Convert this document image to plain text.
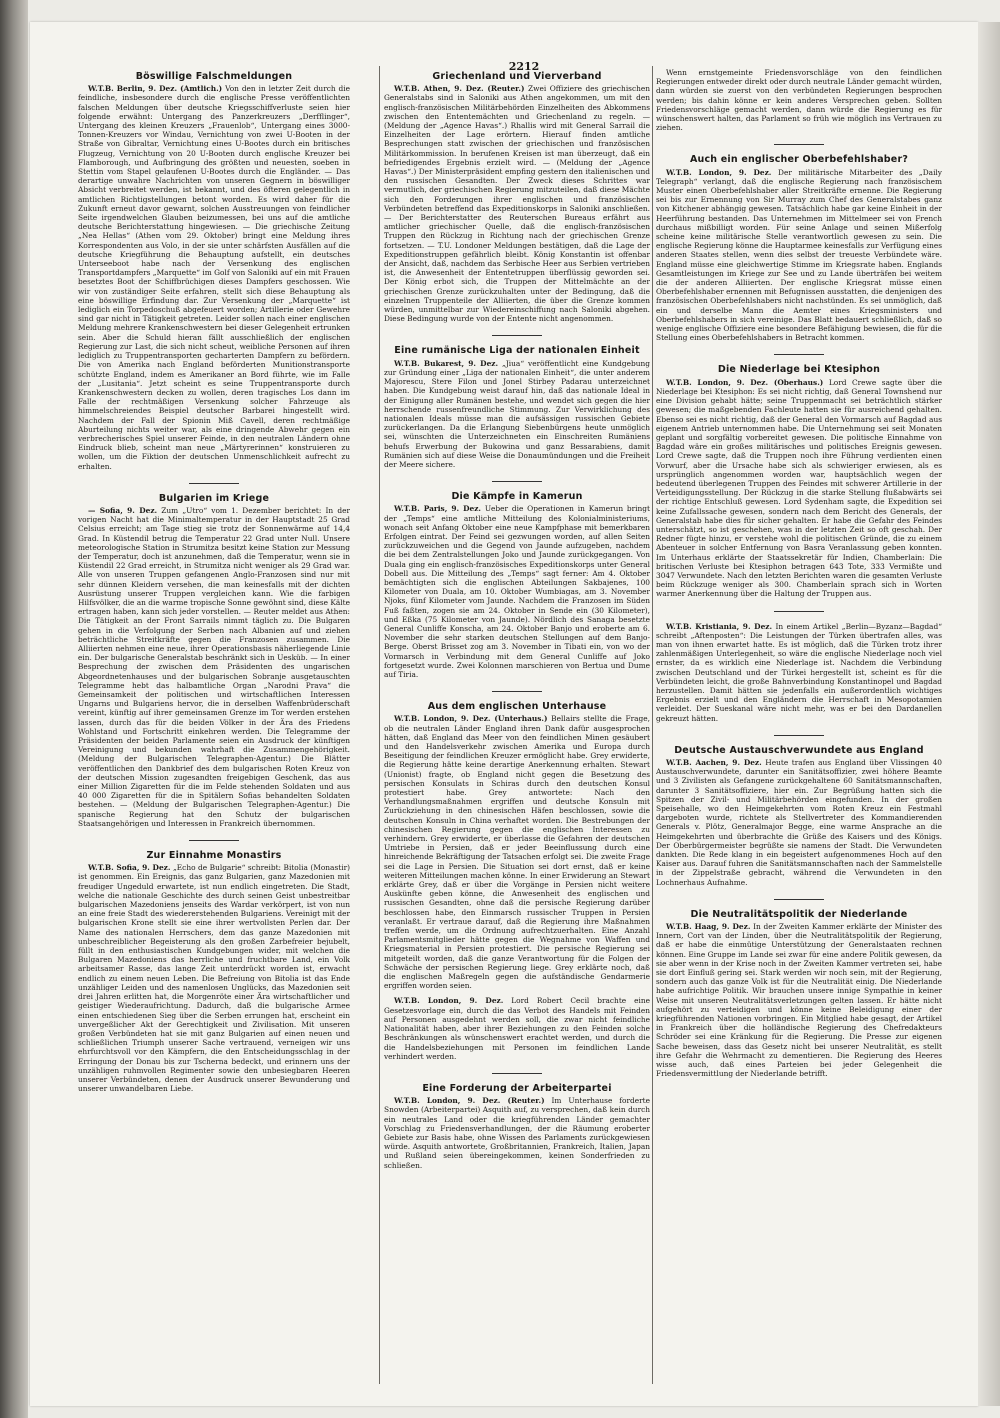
2212
Böswillige Falschmeldungen

W.T.B. Berlin, 9. Dez. (Amtlich.) Von den in letzter Zeit durch die feindliche, insbesondere durch die englische Presse veröffentlichten falschen Meldungen über deutsche Kriegsschiffverluste seien hier folgende erwähnt: Untergang des Panzerkreuzers „Derfflinger“, Untergang des kleinen Kreuzers „Frauenlob“, Untergang eines 3000-Tonnen-Kreuzers vor Windau, Vernichtung von zwei U-Booten in der Straße von Gibraltar, Vernichtung eines U-Bootes durch ein britisches Flugzeug, Vernichtung von 20 U-Booten durch englische Kreuzer bei Flamborough, und Aufbringung des größten und neuesten, soeben in Stettin vom Stapel gelaufenen U-Bootes durch die Engländer. — Das derartige unwahre Nachrichten von unseren Gegnern in böswilliger Absicht verbreitet werden, ist bekannt, und des öfteren gelegentlich in amtlichen Richtigstellungen betont worden. Es wird daher für die Zukunft erneut davor gewarnt, solchen Ausstreuungen von feindlicher Seite irgendwelchen Glauben beizumessen, bei uns auf die amtliche deutsche Berichterstattung hingewiesen. — Die griechische Zeitung „Nea Hellas“ (Athen vom 29. Oktober) bringt eine Meldung ihres Korrespondenten aus Volo, in der sie unter schärfsten Ausfällen auf die deutsche Kriegführung die Behauptung aufstellt, ein deutsches Unterseeboot habe nach der Versenkung des englischen Transportdampfers „Marquette“ im Golf von Saloniki auf ein mit Frauen besetztes Boot der Schiffbrüchigen dieses Dampfers geschossen. Wie wir von zuständiger Seite erfahren, stellt sich diese Behauptung als eine böswillige Erfindung dar. Zur Versenkung der „Marquette“ ist lediglich ein Torpedoschuß abgefeuert worden; Artillerie oder Gewehre sind gar nicht in Tätigkeit getreten. Leider sollen nach einer englischen Meldung mehrere Krankenschwestern bei dieser Gelegenheit ertrunken sein. Aber die Schuld hieran fällt ausschließlich der englischen Regierung zur Last, die sich nicht scheut, weibliche Personen auf ihren lediglich zu Truppentransporten gecharterten Dampfern zu befördern. Die von Amerika nach England beförderten Munitionstransporte schützte England, indem es Amerikaner an Bord führte, wie im Falle der „Lusitania“. Jetzt scheint es seine Truppentransporte durch Krankenschwestern decken zu wollen, deren tragisches Los dann im Falle der rechtmäßigen Versenkung solcher Fahrzeuge als himmelschreiendes Beispiel deutscher Barbarei hingestellt wird. Nachdem der Fall der Spionin Miß Cavell, deren rechtmäßige Aburteilung nichts weiter war, als eine dringende Abwehr gegen ein verbrecherisches Spiel unserer Feinde, in den neutralen Ländern ohne Eindruck blieb, scheint man neue „Märtyrerinnen“ konstruieren zu wollen, um die Fiktion der deutschen Unmenschlichkeit aufrecht zu erhalten.

Bulgarien im Kriege

— Sofia, 9. Dez. Zum „Utro“ vom 1. Dezember berichtet: In der vorigen Nacht hat die Minimaltemperatur in der Hauptstadt 25 Grad Celsius erreicht; am Tage stieg sie trotz der Sonnenwärme auf 14,4 Grad. In Küstendil betrug die Temperatur 22 Grad unter Null. Unsere meteorologische Station in Strumitza besitzt keine Station zur Messung der Temperatur, doch ist anzunehmen, daß die Temperatur, wenn sie in Küstendil 22 Grad erreicht, in Strumitza nicht weniger als 29 Grad war. Alle von unseren Truppen gefangenen Anglo-Franzosen sind nur mit sehr dünnen Kleidern versehen, die man keinesfalls mit der dichten Ausrüstung unserer Truppen vergleichen kann. Wie die farbigen Hilfsvölker, die an die warme tropische Sonne gewöhnt sind, diese Kälte ertragen haben, kann sich jeder vorstellen. — Reuter meldet aus Athen: Die Tätigkeit an der Front Sarrails nimmt täglich zu. Die Bulgaren gehen in die Verfolgung der Serben nach Albanien auf und ziehen beträchtliche Streitkräfte gegen die Franzosen zusammen. Die Alliierten nehmen eine neue, ihrer Operationsbasis näherliegende Linie ein. Der bulgarische Generalstab beschränkt sich in Uesküb. — In einer Besprechung der zwischen dem Präsidenten des ungarischen Abgeordnetenhauses und der bulgarischen Sobranje ausgetauschten Telegramme hebt das halbamtliche Organ „Narodni Prava“ die Gemeinsamkeit der politischen und wirtschaftlichen Interessen Ungarns und Bulgariens hervor, die in derselben Waffenbrüderschaft vereint, künftig auf ihrer gemeinsamen Grenze im Tor werden erstehen lassen, durch das für die beiden Völker in der Ära des Friedens Wohlstand und Fortschritt einkehren werden. Die Telegramme der Präsidenten der beiden Parlamente seien ein Ausdruck der künftigen Vereinigung und bekunden wahrhaft die Zusammengehörigkeit. (Meldung der Bulgarischen Telegraphen-Agentur.) Die Blätter veröffentlichen den Dankbrief des dem bulgarischen Roten Kreuz von der deutschen Mission zugesandten freigebigen Geschenk, das aus einer Million Zigaretten für die im Felde stehenden Soldaten und aus 40 000 Zigaretten für die in Spitälern Sofias behandelten Soldaten bestehen. — (Meldung der Bulgarischen Telegraphen-Agentur.) Die spanische Regierung hat den Schutz der bulgarischen Staatsangehörigen und Interessen in Frankreich übernommen.

Zur Einnahme Monastirs

W.T.B. Sofia, 9. Dez. „Echo de Bulgarie“ schreibt: Bitolia (Monastir) ist genommen. Ein Ereignis, das ganz Bulgarien, ganz Mazedonien mit freudiger Ungeduld erwartete, ist nun endlich eingetreten. Die Stadt, welche die nationale Geschichte des durch seinen Geist unbestreitbar bulgarischen Mazedoniens jenseits des Wardar verkörpert, ist von nun an eine freie Stadt des wiedererstehenden Bulgariens. Vereinigt mit der bulgarischen Krone stellt sie eine ihrer wertvollsten Perlen dar. Der Name des nationalen Herrschers, dem das ganze Mazedonien mit unbeschreiblicher Begeisterung als den großen Zarbefreier bejubelt, füllt in den enthusiastischen Kundgebungen wider, mit welchen die Bulgaren Mazedoniens das herrliche und fruchtbare Land, ein Volk arbeitsamer Rasse, das lange Zeit unterdrückt worden ist, erwacht endlich zu einem neuen Leben. Die Befreiung von Bitolia ist das Ende unzähliger Leiden und des namenlosen Unglücks, das Mazedonien seit drei Jahren erlitten hat, die Morgenröte einer Ära wirtschaftlicher und geistiger Wiederaufrichtung. Dadurch, daß die bulgarische Armee einen entschiedenen Sieg über die Serben errungen hat, erscheint ein unvergeßlicher Akt der Gerechtigkeit und Zivilisation. Mit unseren großen Verbündeten hat sie mit ganz Bulgarien auf einen neuen und schließlichen Triumph unserer Sache vertrauend, verneigen wir uns ehrfurchtsvoll vor den Kämpfern, die den Entscheidungsschlag in der Erringung der Donau bis zur Tscherna bedeckt, und erinnern uns der unzähligen ruhmvollen Regimenter sowie den unbesiegbaren Heeren unserer Verbündeten, denen der Ausdruck unserer Bewunderung und unserer unwandelbaren Liebe.

Griechenland und Vierverband

W.T.B. Athen, 9. Dez. (Reuter.) Zwei Offiziere des griechischen Generalstabs sind in Saloniki aus Athen angekommen, um mit den englisch-französischen Militärbehörden Einzelheiten des Abkommens zwischen den Ententemächten und Griechenland zu regeln. — (Meldung der „Agence Havas“.) Rhallis wird mit General Sarrail die Einzelheiten der Lage erörtern. Hierauf finden amtliche Besprechungen statt zwischen der griechischen und französischen Militärkommission. In berufenen Kreisen ist man überzeugt, daß ein befriedigendes Ergebnis erzielt wird. — (Meldung der „Agence Havas“.) Der Ministerpräsident empfing gestern den italienischen und den russischen Gesandten. Der Zweck dieses Schrittes war vermutlich, der griechischen Regierung mitzuteilen, daß diese Mächte sich den Forderungen ihrer englischen und französischen Verbündeten betreffend das Expeditionskorps in Saloniki anschließen. — Der Berichterstatter des Reuterschen Bureaus erfährt aus amtlicher griechischer Quelle, daß die englisch-französischen Truppen den Rückzug in Richtung nach der griechischen Grenze fortsetzen. — T.U. Londoner Meldungen bestätigen, daß die Lage der Expeditionstruppen gefährlich bleibt. König Konstantin ist offenbar der Ansicht, daß, nachdem das Serbische Heer aus Serbien vertrieben ist, die Anwesenheit der Ententetruppen überflüssig geworden sei. Der König erbot sich, die Truppen der Mittelmächte an der griechischen Grenze zurückzuhalten unter der Bedingung, daß die einzelnen Truppenteile der Alliierten, die über die Grenze kommen würden, unmittelbar zur Wiedereinschiffung nach Saloniki abgehen. Diese Bedingung wurde von der Entente nicht angenommen.

Eine rumänische Liga der nationalen Einheit

W.T.B. Bukarest, 9. Dez. „Jiua“ veröffentlicht eine Kundgebung zur Gründung einer „Liga der nationalen Einheit“, die unter anderem Majorescu, Stere Filon und Jonel Stirbey Padarau unterzeichnet haben. Die Kundgebung weist darauf hin, daß das nationale Ideal in der Einigung aller Rumänen bestehe, und wendet sich gegen die hier herrschende russenfreundliche Stimmung. Zur Verwirklichung des nationalen Ideals müsse man die aufsässigen russischen Gebiete zurückerlangen. Da die Erlangung Siebenbürgens heute unmöglich sei, wünschten die Unterzeichneten ein Einschreiten Rumäniens behufs Erwerbung der Bukowina und ganz Bessarabiens, damit Rumänien sich auf diese Weise die Donaumündungen und die Freiheit der Meere sichere.

Die Kämpfe in Kamerun

W.T.B. Paris, 9. Dez. Ueber die Operationen in Kamerun bringt der „Temps“ eine amtliche Mitteilung des Kolonialministeriums, wonach seit Anfang Oktober eine neue Kampfphase mit bemerkbaren Erfolgen eintrat. Der Feind sei gezwungen worden, auf allen Seiten zurückzuweichen und die Gegend von Jaunde aufzugeben, nachdem die bei dem Zentralstellungen Joko und Jaunde zurückgegangen. Von Duala ging ein englisch-französisches Expeditionskorps unter General Dobell aus. Die Mitteilung des „Temps“ sagt ferner: Am 4. Oktober bemächtigten sich die englischen Abteilungen Sakbajenes, 100 Kilometer von Duala, am 10. Oktober Wumbiagas, am 3. November Njoks, fünf Kilometer vom Jaunde. Nachdem die Franzosen im Süden Fuß faßten, zogen sie am 24. Oktober in Sende ein (30 Kilometer), und Eßka (75 Kilometer von Jaunde). Nördlich des Sanaga besetzte General Cunliffe Konscha, am 24. Oktober Banjo und eroberte am 6. November die sehr starken deutschen Stellungen auf dem Banjo-Berge. Oberst Brisset zog am 3. November in Tibati ein, von wo der Vormarsch in Verbindung mit dem General Cunliffe auf Joko fortgesetzt wurde. Zwei Kolonnen marschieren von Bertua und Dume auf Tiria.

Aus dem englischen Unterhause

W.T.B. London, 9. Dez. (Unterhaus.) Bellairs stellte die Frage, ob die neutralen Länder England ihren Dank dafür ausgesprochen hätten, daß England das Meer von den feindlichen Minen gesäubert und den Handelsverkehr zwischen Amerika und Europa durch Beseitigung der feindlichen Kreuzer ermöglicht habe. Grey erwiderte, die Regierung hätte keine derartige Anerkennung erhalten. Stewart (Unionist) fragte, ob England nicht gegen die Besetzung des persischen Konsulats in Schiras durch den deutschen Konsul protestiert habe. Grey antwortete: Nach den Verhandlungsmaßnahmen ergriffen und deutsche Konsuln mit Zurückziehung in den chinesischen Häfen beschlossen, sowie die deutschen Konsuln in China verhaftet worden. Die Bestrebungen der chinesischen Regierung gegen die englischen Interessen zu verhindern. Grey erwiderte, er überlasse die Gefahren der deutschen Umtriebe in Persien, daß er jeder Beeinflussung durch eine hinreichende Bekräftigung der Tatsachen erfolgt sei. Die zweite Frage sei die Lage in Persien. Die Situation sei dort ernst, daß er keine weiteren Mitteilungen machen könne. In einer Erwiderung an Stewart erklärte Grey, daß er über die Vorgänge in Persien nicht weitere Auskünfte geben könne, die Anwesenheit des englischen und russischen Gesandten, ohne daß die persische Regierung darüber beschlossen habe, den Einmarsch russischer Truppen in Persien veranlaßt. Er vertraue darauf, daß die Regierung ihre Maßnahmen treffen werde, um die Ordnung aufrechtzuerhalten. Eine Anzahl Parlamentsmitglieder hätte gegen die Wegnahme von Waffen und Kriegsmaterial in Persien protestiert. Die persische Regierung sei mitgeteilt worden, daß die ganze Verantwortung für die Folgen der Schwäche der persischen Regierung liege. Grey erklärte noch, daß die englischen Maßregeln gegen die aufständische Gendarmerie ergriffen worden seien.

W.T.B. London, 9. Dez. Lord Robert Cecil brachte eine Gesetzesvorlage ein, durch die das Verbot des Handels mit Feinden auf Personen ausgedehnt werden soll, die zwar nicht feindliche Nationalität haben, aber ihrer Beziehungen zu den Feinden solche Beschränkungen als wünschenswert erachtet werden, und durch die die Handelsbeziehungen mit Personen im feindlichen Lande verhindert werden.

Eine Forderung der Arbeiterpartei

W.T.B. London, 9. Dez. (Reuter.) Im Unterhause forderte Snowden (Arbeiterpartei) Asquith auf, zu versprechen, daß kein durch ein neutrales Land oder die kriegführenden Länder gemachter Vorschlag zu Friedensverhandlungen, der die Räumung eroberter Gebiete zur Basis habe, ohne Wissen des Parlaments zurückgewiesen würde. Asquith antwortete, Großbritannien, Frankreich, Italien, Japan und Rußland seien übereingekommen, keinen Sonderfrieden zu schließen.

Wenn ernstgemeinte Friedensvorschläge von den feindlichen Regierungen entweder direkt oder durch neutrale Länder gemacht würden, dann würden sie zuerst von den verbündeten Regierungen besprochen werden; bis dahin könne er kein anderes Versprechen geben. Sollten Friedensvorschläge gemacht werden, dann würde die Regierung es für wünschenswert halten, das Parlament so früh wie möglich ins Vertrauen zu ziehen.

Auch ein englischer Oberbefehlshaber?

W.T.B. London, 9. Dez. Der militärische Mitarbeiter des „Daily Telegraph“ verlangt, daß die englische Regierung nach französischem Muster einen Oberbefehlshaber aller Streitkräfte ernenne. Die Regierung sei bis zur Ernennung von Sir Murray zum Chef des Generalstabes ganz von Kitchener abhängig gewesen. Tatsächlich habe gar keine Einheit in der Heerführung bestanden. Das Unternehmen im Mittelmeer sei von French durchaus mißbilligt worden. Für seine Anlage und seinen Mißerfolg scheine keine militärische Stelle verantwortlich gewesen zu sein. Die englische Regierung könne die Hauptarmee keinesfalls zur Verfügung eines anderen Staates stellen, wenn dies selbst der treueste Verbündete wäre. England müsse eine gleichwertige Stimme im Kriegsrate haben. Englands Gesamtleistungen im Kriege zur See und zu Lande überträfen bei weitem die der anderen Alliierten. Der englische Kriegsrat müsse einen Oberbefehlshaber ernennen mit Befugnissen ausstatten, die denjenigen des französischen Oberbefehlshabers nicht nachstünden. Es sei unmöglich, daß ein und derselbe Mann die Aemter eines Kriegsministers und Oberbefehlshabers in sich vereinige. Das Blatt bedauert schließlich, daß so wenige englische Offiziere eine besondere Befähigung bewiesen, die für die Stellung eines Oberbefehlshabers in Betracht kommen.

Die Niederlage bei Ktesiphon

W.T.B. London, 9. Dez. (Oberhaus.) Lord Crewe sagte über die Niederlage bei Ktesiphon: Es sei nicht richtig, daß General Townshend nur eine Division gehabt hätte; seine Truppenmacht sei beträchtlich stärker gewesen; die maßgebenden Fachleute hatten sie für ausreichend gehalten. Ebenso sei es nicht richtig, daß der General den Vormarsch auf Bagdad aus eigenem Antrieb unternommen habe. Die Unternehmung sei seit Monaten geplant und sorgfältig vorbereitet gewesen. Die politische Einnahme von Bagdad wäre ein großes militärisches und politisches Ereignis gewesen. Lord Crewe sagte, daß die Truppen noch ihre Führung verdienten einen Vorwurf, aber die Ursache habe sich als schwieriger erwiesen, als es ursprünglich angenommen worden war, hauptsächlich wegen der bedeutend überlegenen Truppen des Feindes mit schwerer Artillerie in der Verteidigungsstellung. Der Rückzug in die starke Stellung flußabwärts sei der richtige Entschluß gewesen. Lord Sydenham sagte, die Expedition sei keine Zufallssache gewesen, sondern nach dem Bericht des Generals, der Generalstab habe dies für sicher gehalten. Er habe die Gefahr des Feindes unterschätzt, so ist geschehen, was in der letzten Zeit so oft geschah. Der Redner fügte hinzu, er verstehe wohl die politischen Gründe, die zu einem Abenteuer in solcher Entfernung von Basra Veranlassung geben konnten. Im Unterhaus erklärte der Staatssekretär für Indien, Chamberlain: Die britischen Verluste bei Ktesiphon betragen 643 Tote, 333 Vermißte und 3047 Verwundete. Nach den letzten Berichten waren die gesamten Verluste beim Rückzuge weniger als 300. Chamberlain sprach sich in Worten warmer Anerkennung über die Haltung der Truppen aus.

W.T.B. Kristiania, 9. Dez. In einem Artikel „Berlin—Byzanz—Bagdad“ schreibt „Aftenposten“: Die Leistungen der Türken übertrafen alles, was man von ihnen erwartet hatte. Es ist möglich, daß die Türken trotz ihrer zahlenmäßigen Unterlegenheit, so wäre die englische Niederlage noch viel ernster, da es wirklich eine Niederlage ist. Nachdem die Verbindung zwischen Deutschland und der Türkei hergestellt ist, scheint es für die Verbündeten leicht, die große Bahnverbindung Konstantinopel und Bagdad herzustellen. Damit hätten sie jedenfalls ein außerordentlich wichtiges Ergebnis erzielt und den Engländern die Herrschaft in Mesopotamien verleidet. Der Sueskanal wäre nicht mehr, was er bei den Dardanellen gekreuzt hätten.

Deutsche Austauschverwundete aus England

W.T.B. Aachen, 9. Dez. Heute trafen aus England über Vlissingen 40 Austauschverwundete, darunter ein Sanitätsoffizier, zwei höhere Beamte und 3 Zivilisten als Gefangene zurückgehaltene 60 Sanitätsmannschaften, darunter 3 Sanitätsoffiziere, hier ein. Zur Begrüßung hatten sich die Spitzen der Zivil- und Militärbehörden eingefunden. In der großen Speisehalle, wo den Heimgekehrten vom Roten Kreuz ein Festmahl dargeboten wurde, richtete als Stellvertreter des Kommandierenden Generals v. Plötz, Generalmajor Begge, eine warme Ansprache an die Heimgekehrten und überbrachte die Grüße des Kaisers und des Königs. Der Oberbürgermeister begrüßte sie namens der Stadt. Die Verwundeten dankten. Die Rede klang in ein begeistert aufgenommenes Hoch auf den Kaiser aus. Darauf fuhren die Sanitätsmannschaften nach der Sammelstelle in der Zippelstraße gebracht, während die Verwundeten in den Lochnerhaus Aufnahme.

Die Neutralitätspolitik der Niederlande

W.T.B. Haag, 9. Dez. In der Zweiten Kammer erklärte der Minister des Innern, Cort van der Linden, über die Neutralitätspolitik der Regierung, daß er habe die einmütige Unterstützung der Generalstaaten rechnen können. Eine Gruppe im Lande sei zwar für eine andere Politik gewesen, da sie aber wenn in der Krise noch in der Zweiten Kammer vertreten sei, habe sie dort Einfluß gering sei. Stark werden wir noch sein, mit der Regierung, sondern auch das ganze Volk ist für die Neutralität einig. Die Niederlande habe aufrichtige Politik. Wir brauchen unsere innige Sympathie in keiner Weise mit unseren Neutralitätsverletzungen gelten lassen. Er hätte nicht aufgehört zu verteidigen und könne keine Beleidigung einer der kriegführenden Nationen vorbringen. Ein Mitglied habe gesagt, der Artikel in Frankreich über die holländische Regierung des Chefredakteurs Schröder sei eine Kränkung für die Regierung. Die Presse zur eigenen Sache beweisen, dass das Gesetz nicht bei unserer Neutralität, es stellt ihre Gefahr die Wehrmacht zu dementieren. Die Regierung des Heeres wisse auch, daß eines Parteien bei jeder Gelegenheit die Friedensvermittlung der Niederlande betrifft.
